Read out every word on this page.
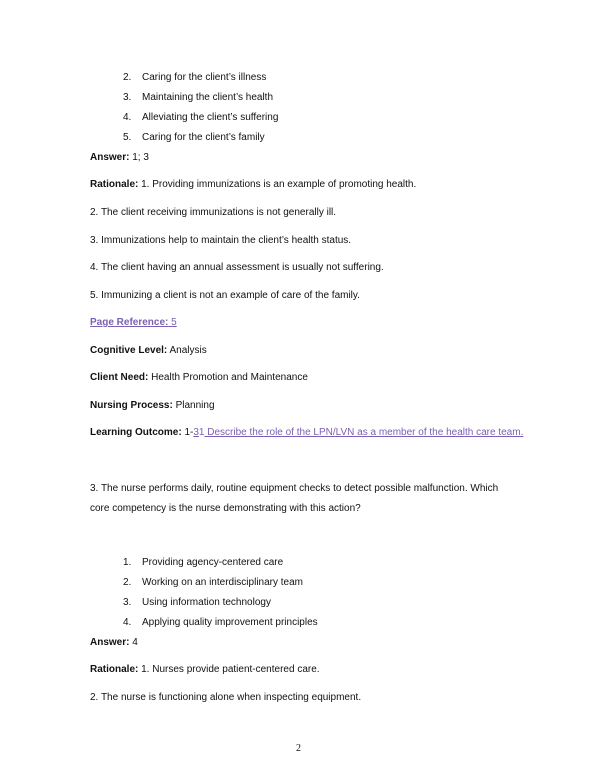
2. Caring for the client’s illness
3. Maintaining the client’s health
4. Alleviating the client’s suffering
5. Caring for the client’s family
Answer: 1; 3
Rationale: 1. Providing immunizations is an example of promoting health.
2. The client receiving immunizations is not generally ill.
3. Immunizations help to maintain the client’s health status.
4. The client having an annual assessment is usually not suffering.
5. Immunizing a client is not an example of care of the family.
Page Reference: 5
Cognitive Level: Analysis
Client Need: Health Promotion and Maintenance
Nursing Process: Planning
Learning Outcome: 1-31 Describe the role of the LPN/LVN as a member of the health care team.
3. The nurse performs daily, routine equipment checks to detect possible malfunction. Which
core competency is the nurse demonstrating with this action?
1. Providing agency-centered care
2. Working on an interdisciplinary team
3. Using information technology
4. Applying quality improvement principles
Answer: 4
Rationale: 1. Nurses provide patient-centered care.
2. The nurse is functioning alone when inspecting equipment.
2
